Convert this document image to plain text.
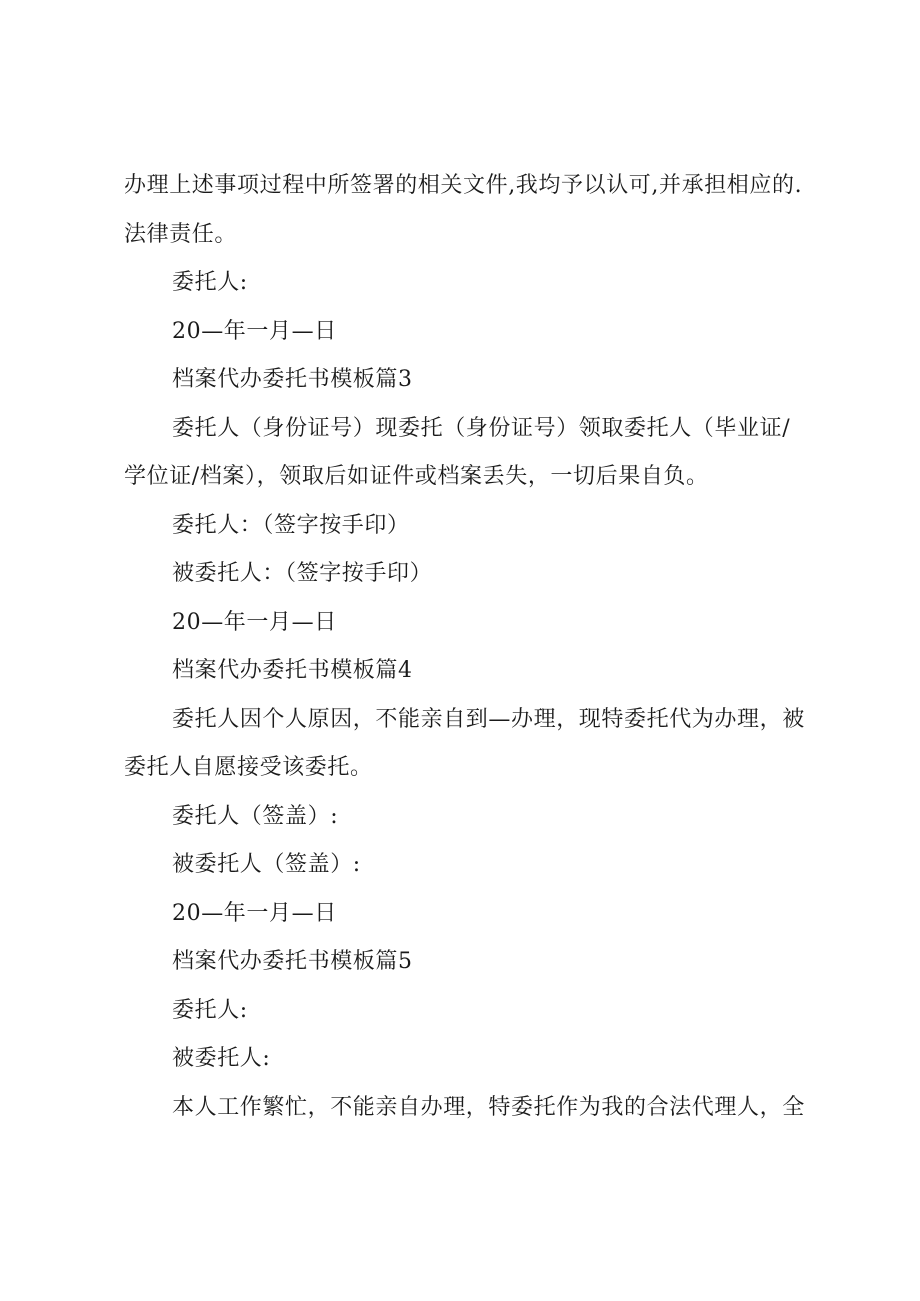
办理上述事项过程中所签署的相关文件,我均予以认可,并承担相应的.

法律责任。

委托人:

20—年一月—日

档案代办委托书模板篇3

委托人（身份证号）现委托（身份证号）领取委托人（毕业证/

学位证/档案），领取后如证件或档案丢失，一切后果自负。

委托人：（签字按手印）

被委托人：（签字按手印）

20—年一月—日

档案代办委托书模板篇4

委托人因个人原因，不能亲自到—办理，现特委托代为办理，被

委托人自愿接受该委托。

委托人（签盖）:

被委托人（签盖）:

20—年一月—日

档案代办委托书模板篇5

委托人:

被委托人:

本人工作繁忙，不能亲自办理，特委托作为我的合法代理人，全
